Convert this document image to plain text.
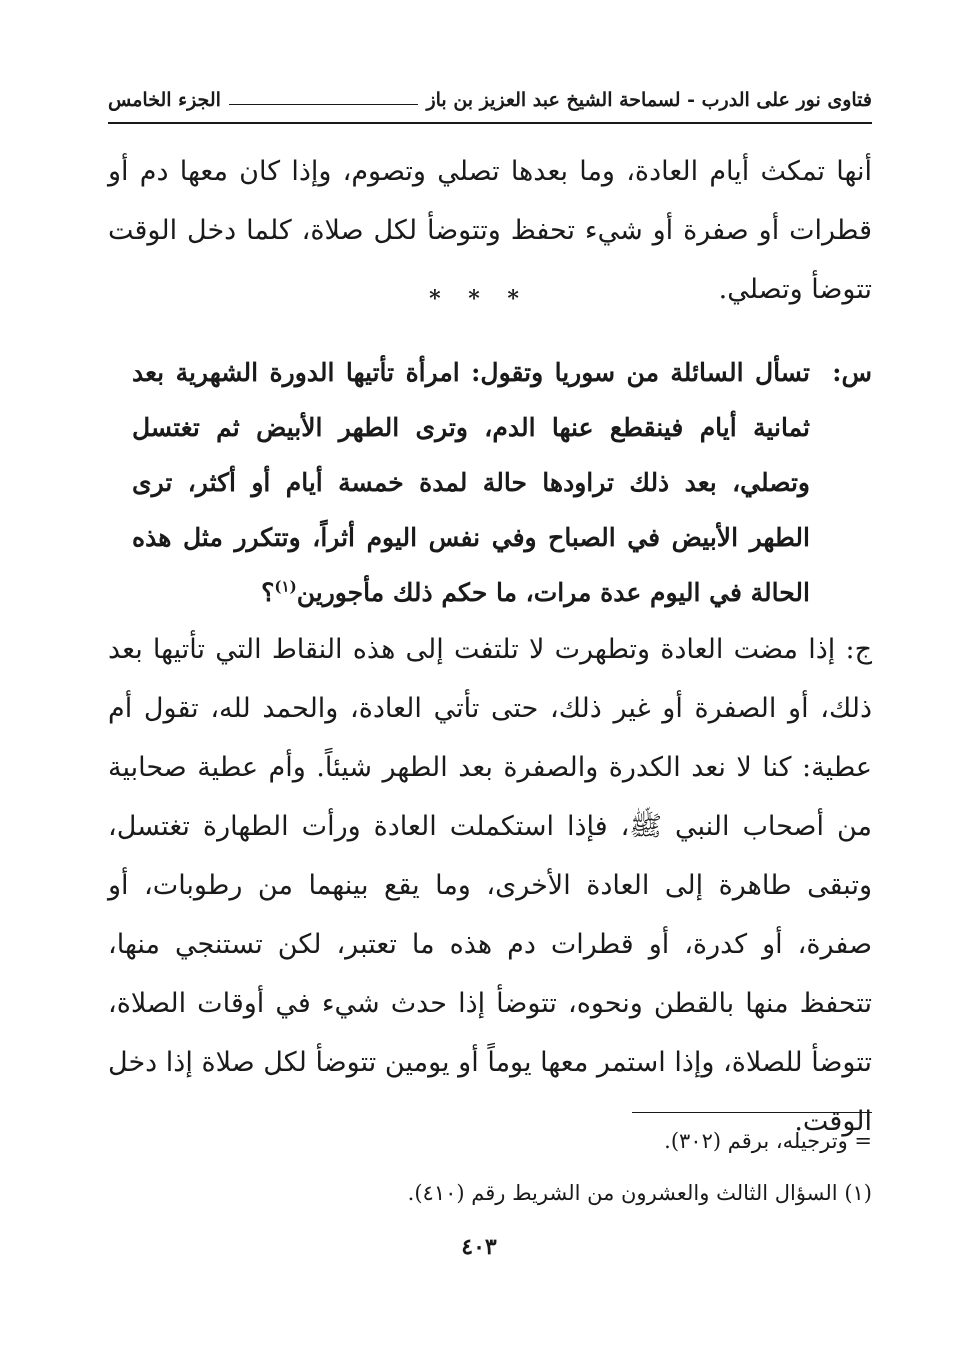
فتاوى نور على الدرب - لسماحة الشيخ عبد العزيز بن باز
الجزء الخامس

أنها تمكث أيام العادة، وما بعدها تصلي وتصوم، وإذا كان معها دم أو قطرات أو صفرة أو شيء تحفظ وتتوضأ لكل صلاة، كلما دخل الوقت تتوضأ وتصلي.

* * *
س:
تسأل السائلة من سوريا وتقول: امرأة تأتيها الدورة الشهرية بعد ثمانية أيام فينقطع عنها الدم، وترى الطهر الأبيض ثم تغتسل وتصلي، بعد ذلك تراودها حالة لمدة خمسة أيام أو أكثر، ترى الطهر الأبيض في الصباح وفي نفس اليوم أثراً، وتتكرر مثل هذه الحالة في اليوم عدة مرات، ما حكم ذلك مأجورين$^{(١)}$؟

ج: إذا مضت العادة وتطهرت لا تلتفت إلى هذه النقاط التي تأتيها بعد ذلك، أو الصفرة أو غير ذلك، حتى تأتي العادة، والحمد لله، تقول أم عطية: كنا لا نعد الكدرة والصفرة بعد الطهر شيئاً. وأم عطية صحابية من أصحاب النبي ﷺ، فإذا استكملت العادة ورأت الطهارة تغتسل، وتبقى طاهرة إلى العادة الأخرى، وما يقع بينهما من رطوبات، أو صفرة، أو كدرة، أو قطرات دم هذه ما تعتبر، لكن تستنجي منها، تتحفظ منها بالقطن ونحوه، تتوضأ إذا حدث شيء في أوقات الصلاة، تتوضأ للصلاة، وإذا استمر معها يوماً أو يومين تتوضأ لكل صلاة إذا دخل الوقت.

= وترجيله، برقم (٣٠٢).
(١) السؤال الثالث والعشرون من الشريط رقم (٤١٠).
٤٠٣
